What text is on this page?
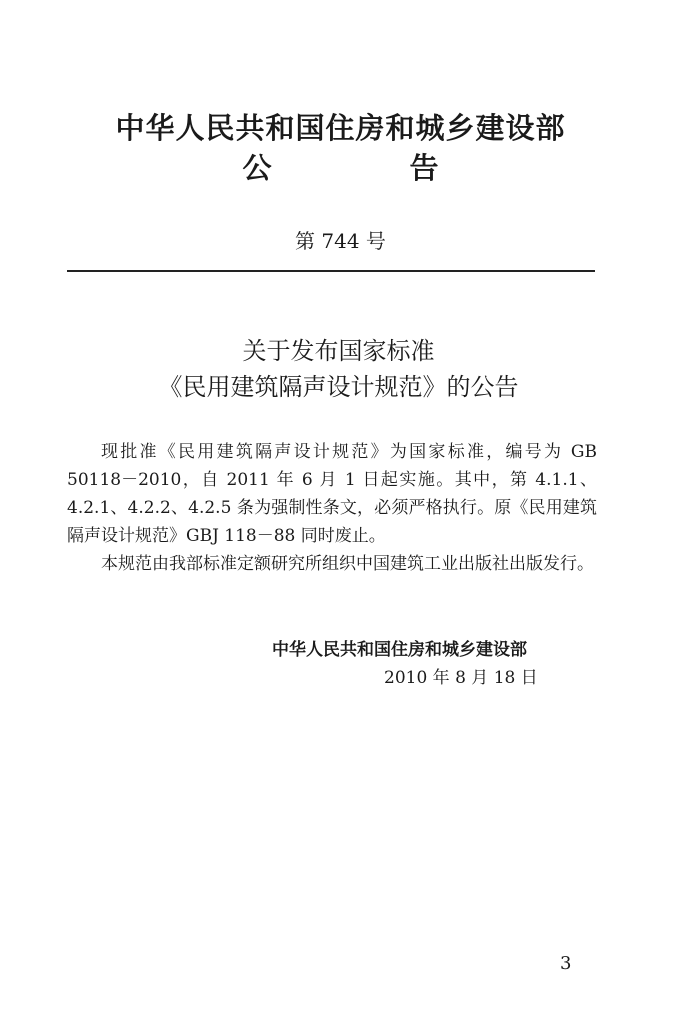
中华人民共和国住房和城乡建设部
公 告
第 744 号
关于发布国家标准
《民用建筑隔声设计规范》的公告

现批准《民用建筑隔声设计规范》为国家标准，编号为 GB 50118－2010，自 2011 年 6 月 1 日起实施。其中，第 4.1.1、4.2.1、4.2.2、4.2.5 条为强制性条文，必须严格执行。原《民用建筑隔声设计规范》GBJ 118－88 同时废止。

本规范由我部标准定额研究所组织中国建筑工业出版社出版发行。

中华人民共和国住房和城乡建设部
2010 年 8 月 18 日
3
